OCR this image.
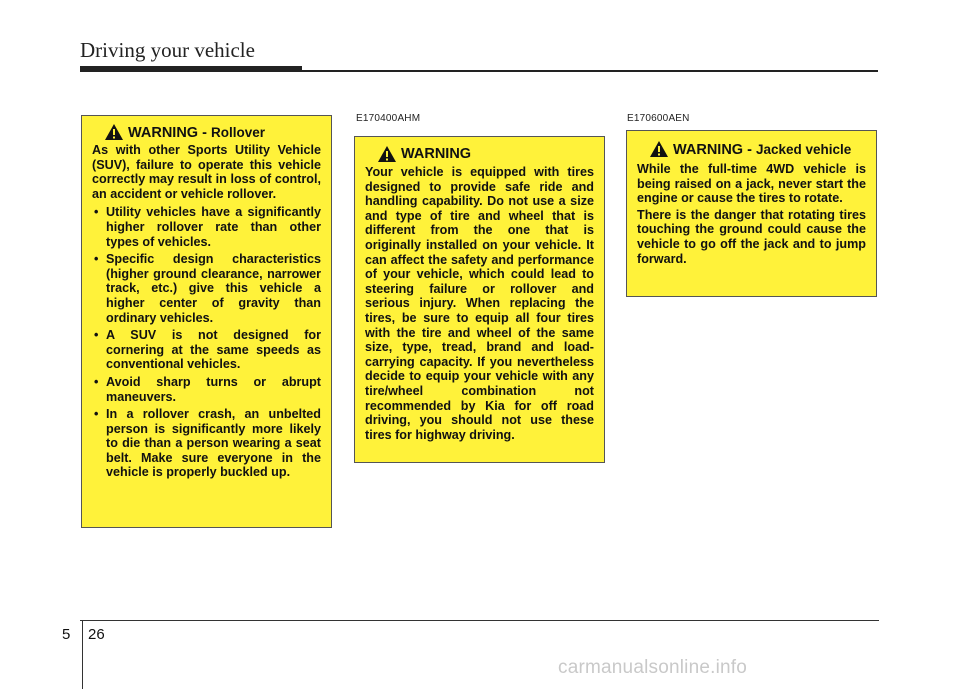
Driving your vehicle
E170400AHM	E170600AEN
WARNING - Rollover

As with other Sports Utility Vehicle (SUV), failure to operate this vehicle correctly may result in loss of control, an accident or vehicle rollover.

• Utility vehicles have a significantly higher rollover rate than other types of vehicles.
• Specific design characteristics (higher ground clearance, narrower track, etc.) give this vehicle a higher center of gravity than ordinary vehicles.
• A SUV is not designed for cornering at the same speeds as conventional vehicles.
• Avoid sharp turns or abrupt maneuvers.
• In a rollover crash, an unbelted person is significantly more likely to die than a person wearing a seat belt. Make sure everyone in the vehicle is properly buckled up.
WARNING

Your vehicle is equipped with tires designed to provide safe ride and handling capability. Do not use a size and type of tire and wheel that is different from the one that is originally installed on your vehicle. It can affect the safety and performance of your vehicle, which could lead to steering failure or rollover and serious injury. When replacing the tires, be sure to equip all four tires with the tire and wheel of the same size, type, tread, brand and load-carrying capacity. If you nevertheless decide to equip your vehicle with any tire/wheel combination not recommended by Kia for off road driving, you should not use these tires for highway driving.

WARNING - Jacked vehicle

While the full-time 4WD vehicle is being raised on a jack, never start the engine or cause the tires to rotate.

There is the danger that rotating tires touching the ground could cause the vehicle to go off the jack and to jump forward.

5 26
carmanualsonline.info
